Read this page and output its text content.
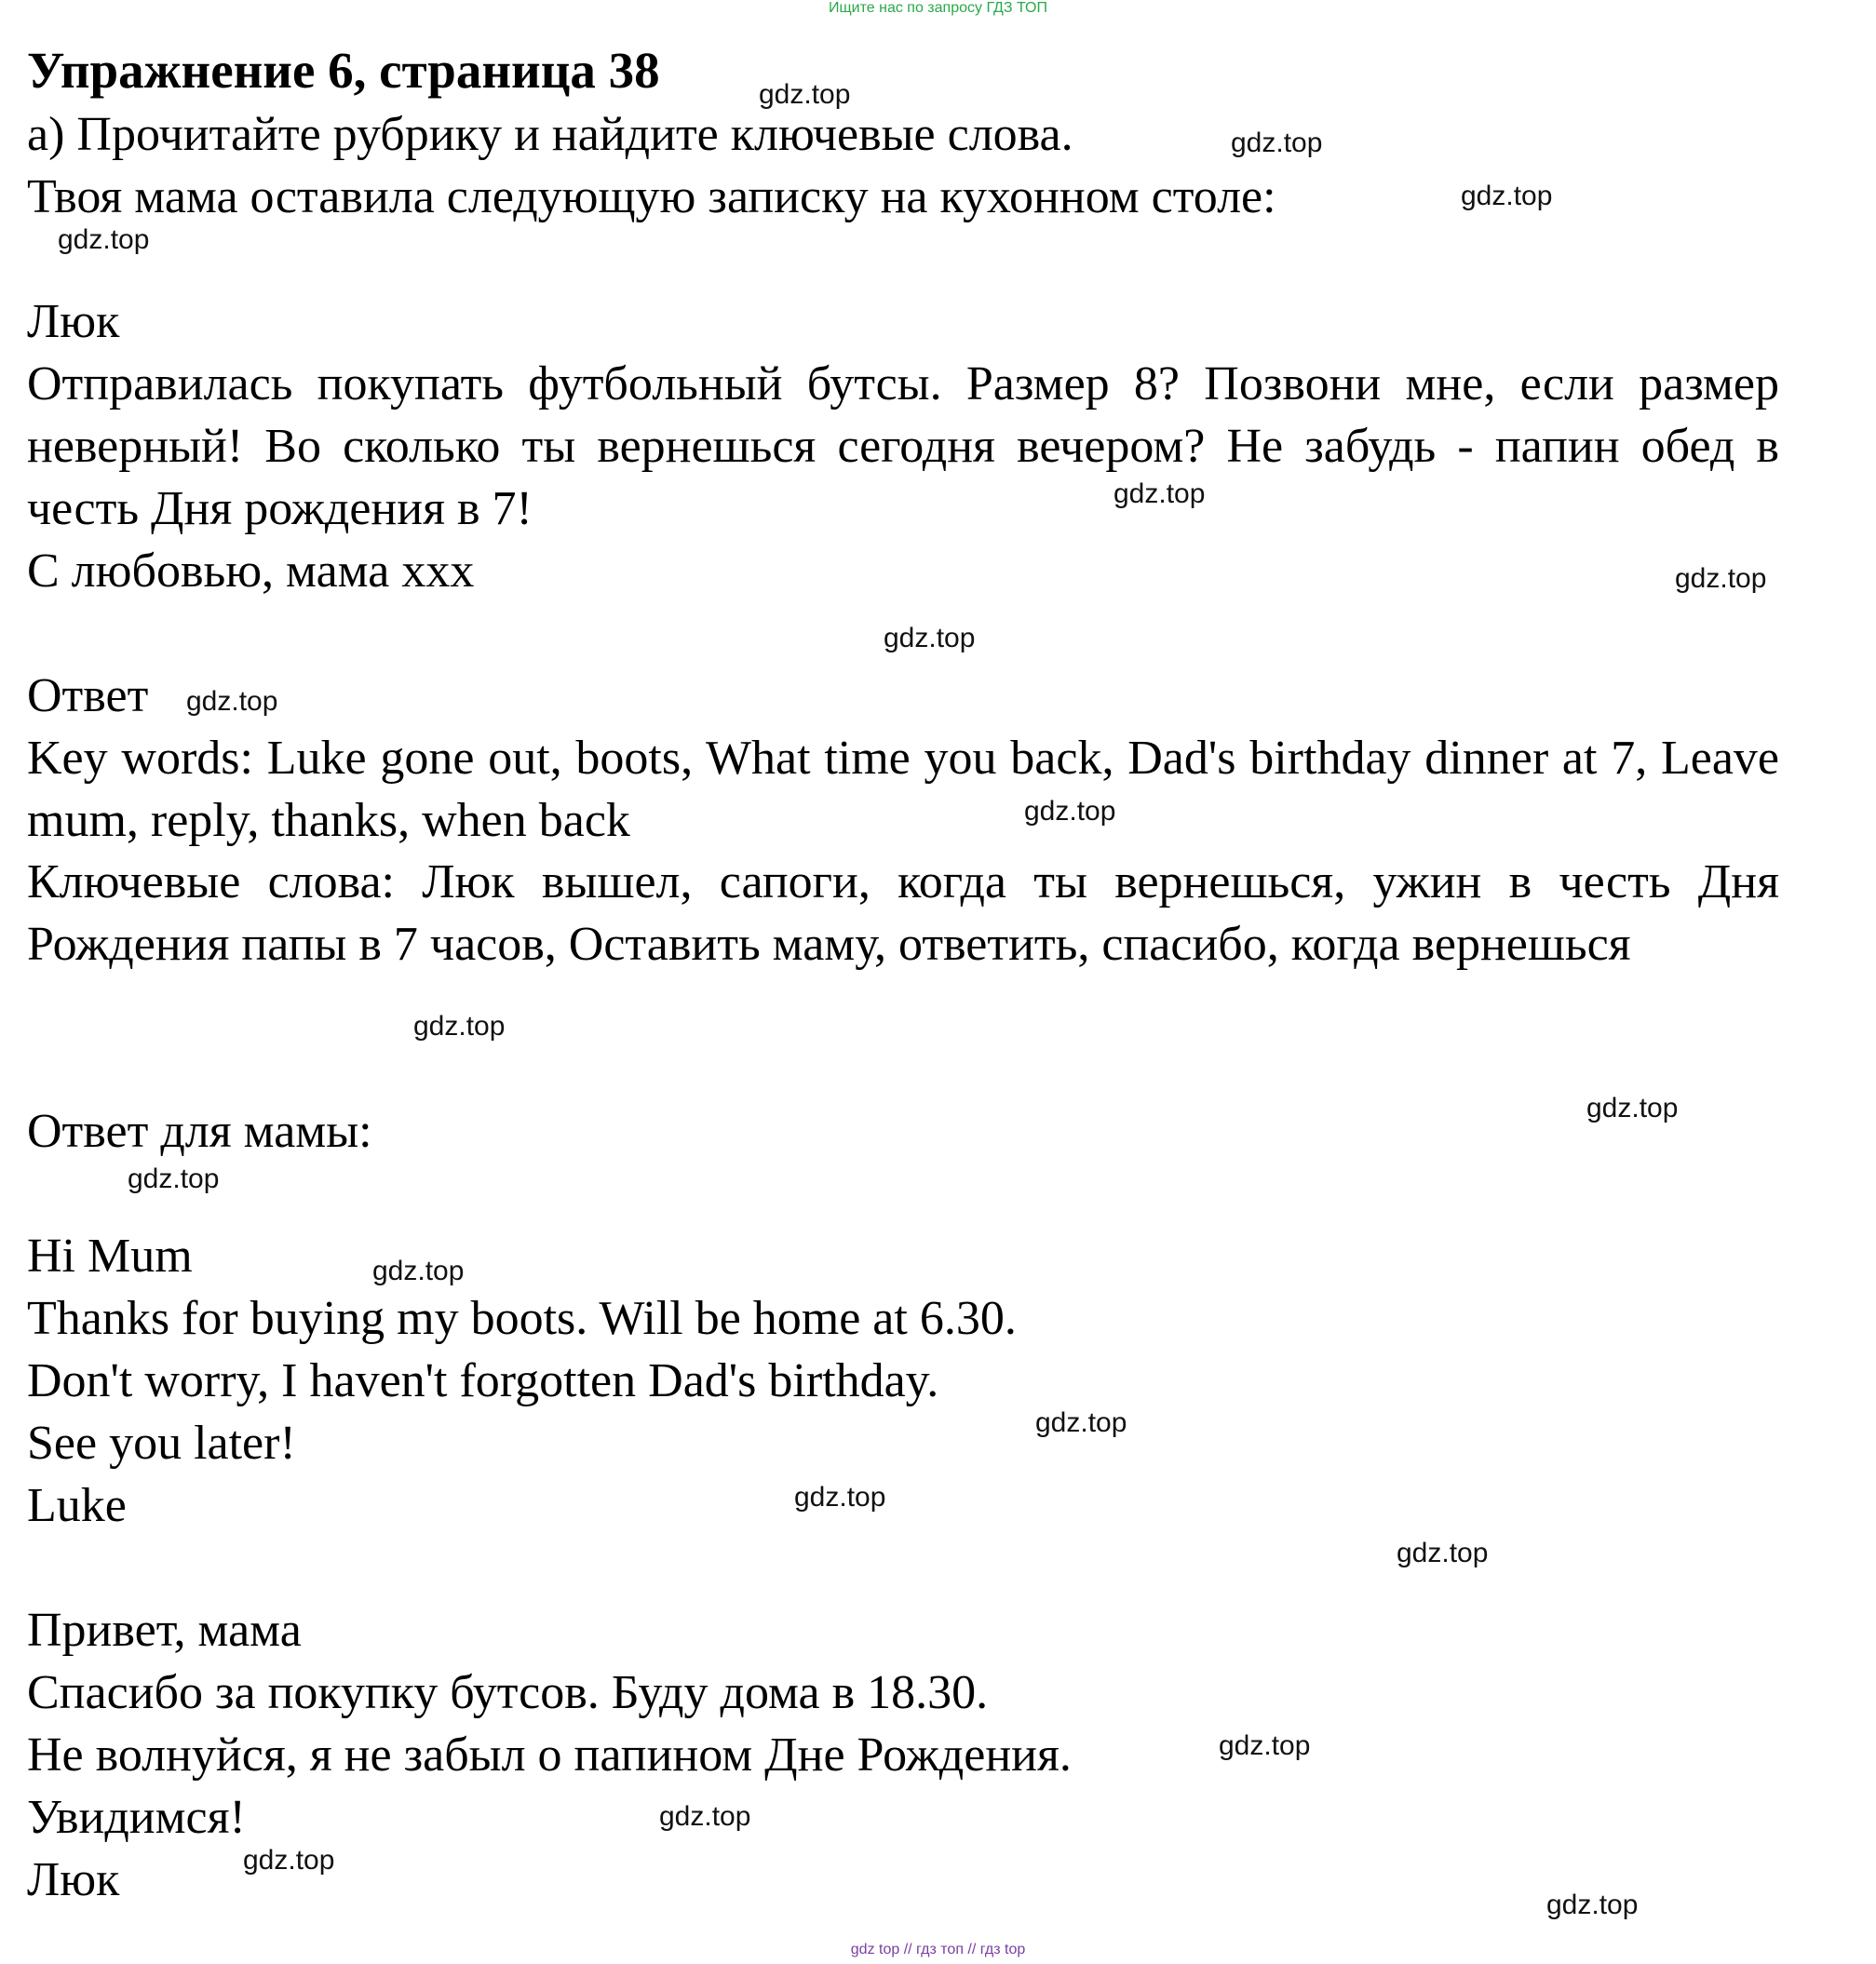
Ищите нас по запросу ГДЗ ТОП
Упражнение 6, страница 38
а) Прочитайте рубрику и найдите ключевые слова.
Твоя мама оставила следующую записку на кухонном столе:
Люк

Отправилась покупать футбольный бутсы. Размер 8? Позвони мне, если размер неверный! Во сколько ты вернешься сегодня вечером? Не забудь - папин обед в честь Дня рождения в 7!

С любовью, мама ххх
Ответ

Key words: Luke gone out, boots, What time you back, Dad's birthday dinner at 7, Leave mum, reply, thanks, when back

Ключевые слова: Люк вышел, сапоги, когда ты вернешься, ужин в честь Дня Рождения папы в 7 часов, Оставить маму, ответить, спасибо, когда вернешься

Ответ для мамы:
Hi Mum
Thanks for buying my boots. Will be home at 6.30.
Don't worry, I haven't forgotten Dad's birthday.
See you later!
Luke
Привет, мама
Спасибо за покупку бутсов. Буду дома в 18.30.
Не волнуйся, я не забыл о папином Дне Рождения.
Увидимся!
Люк
gdz.top
gdz.top
gdz.top
gdz.top
gdz.top
gdz.top
gdz.top
gdz.top
gdz.top
gdz.top
gdz.top
gdz.top
gdz.top
gdz.top
gdz.top
gdz.top
gdz.top
gdz.top
gdz.top
gdz.top
gdz top // гдз топ // гдз top
